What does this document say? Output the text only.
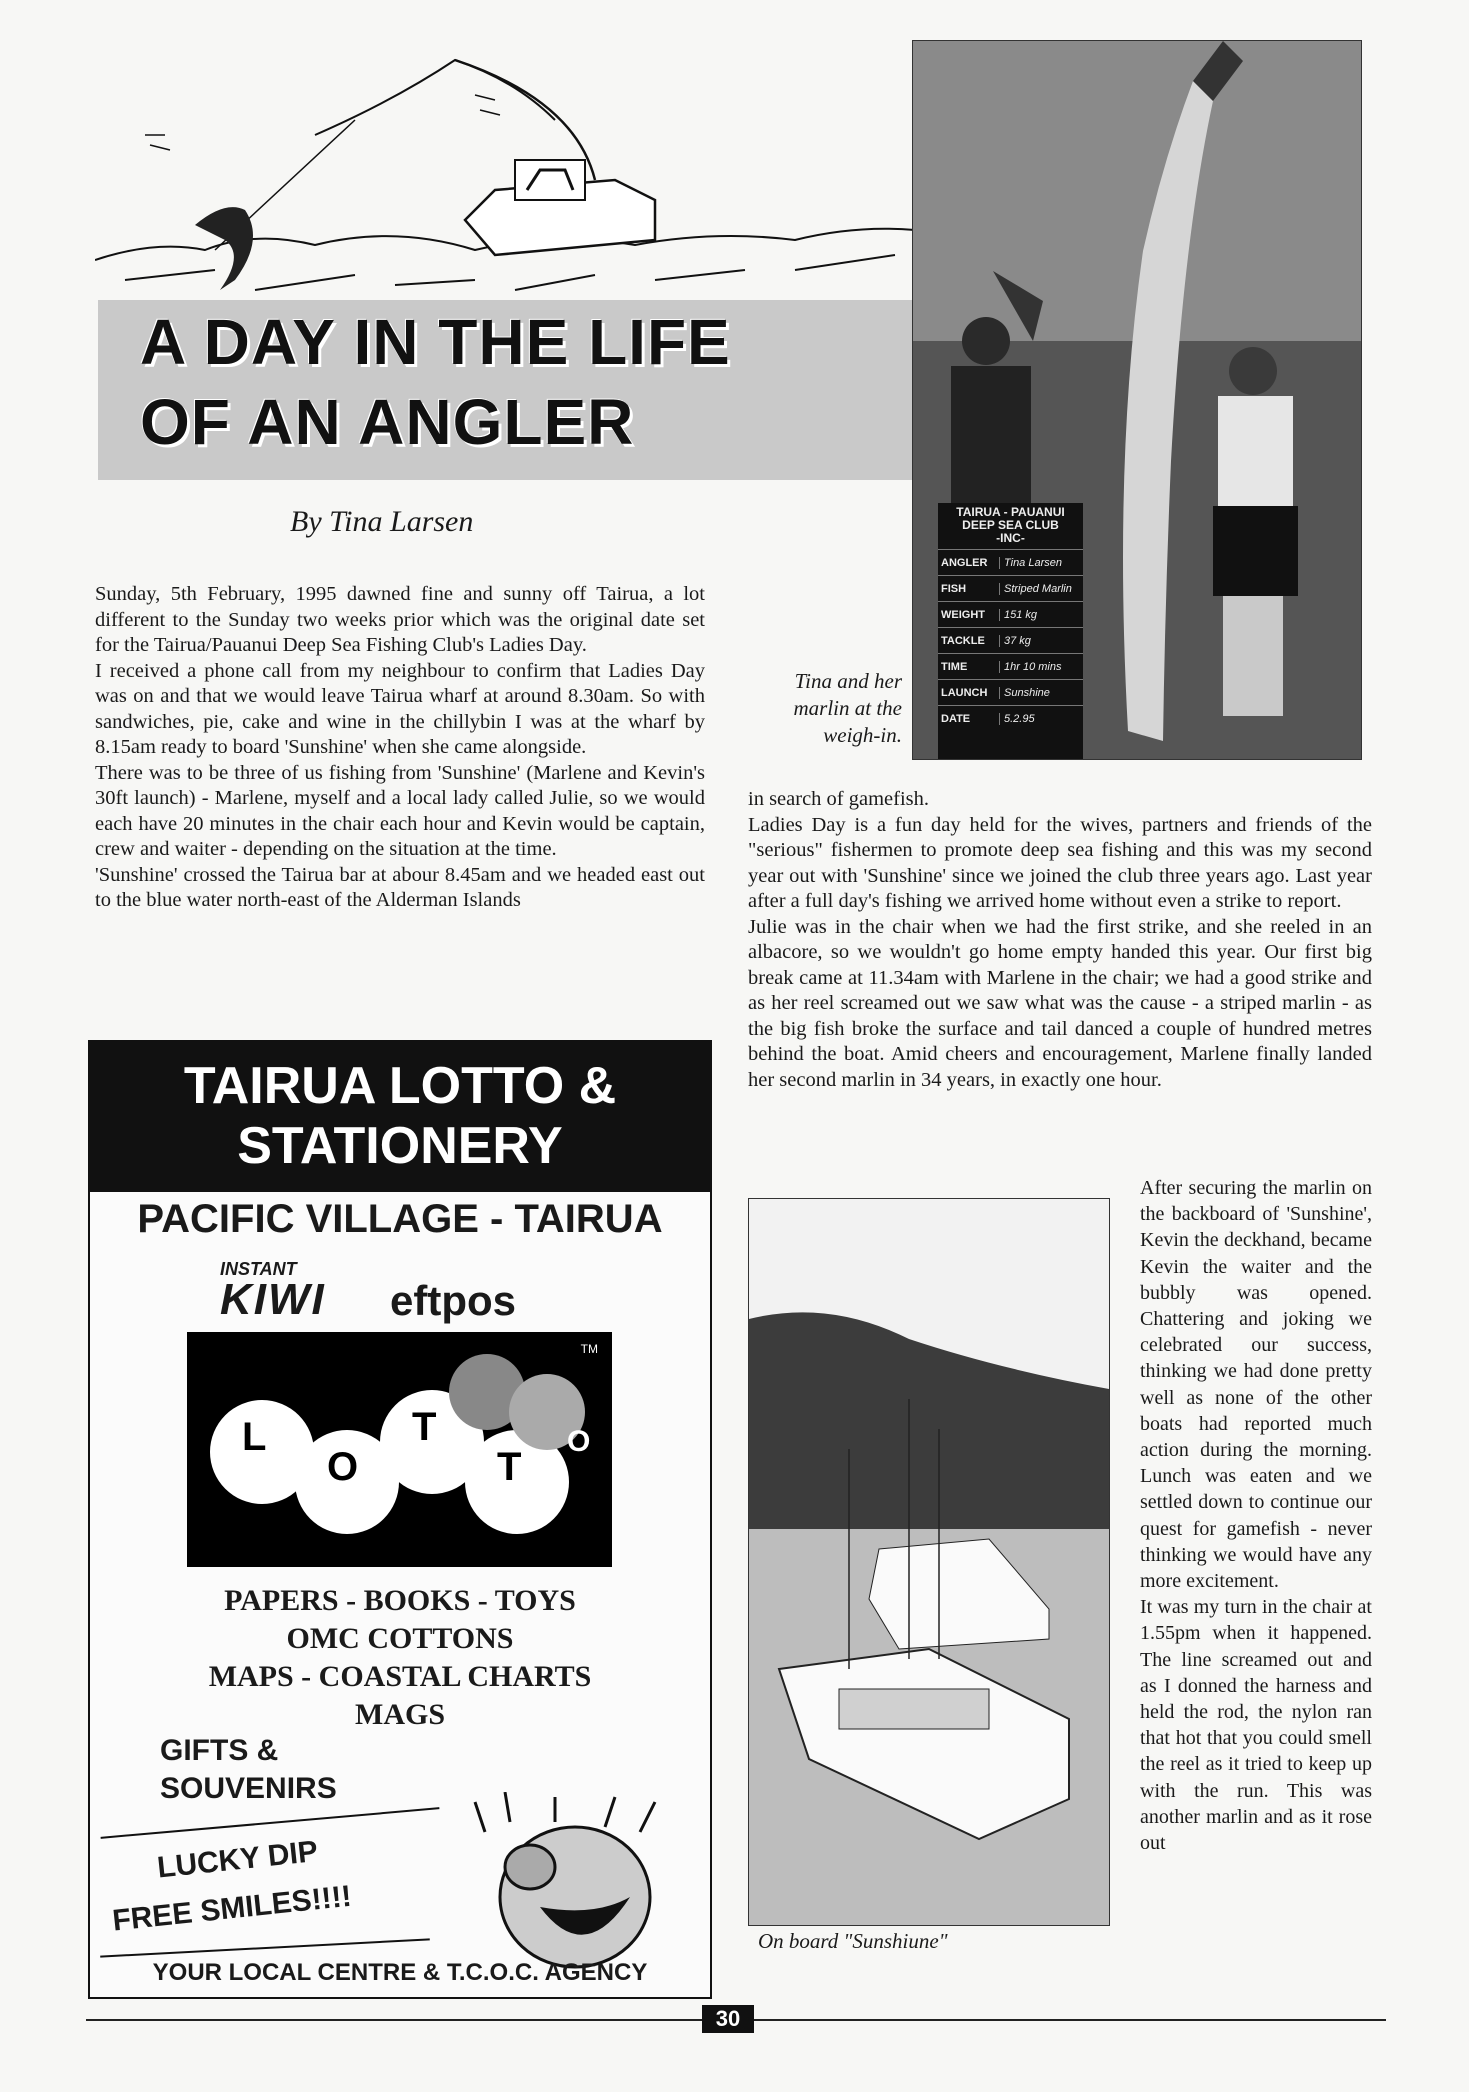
A DAY IN THE LIFE
OF AN ANGLER
By Tina Larsen

Sunday, 5th February, 1995 dawned fine and sunny off Tairua, a lot different to the Sunday two weeks prior which was the original date set for the Tairua/Pauanui Deep Sea Fishing Club's Ladies Day.

I received a phone call from my neighbour to confirm that Ladies Day was on and that we would leave Tairua wharf at around 8.30am. So with sandwiches, pie, cake and wine in the chillybin I was at the wharf by 8.15am ready to board 'Sunshine' when she came alongside.

There was to be three of us fishing from 'Sunshine' (Marlene and Kevin's 30ft launch) - Marlene, myself and a local lady called Julie, so we would each have 20 minutes in the chair each hour and Kevin would be captain, crew and waiter - depending on the situation at the time.

'Sunshine' crossed the Tairua bar at abour 8.45am and we headed east out to the blue water north-east of the Alderman Islands

TAIRUA - PAUANUI
DEEP SEA CLUB
-INC-
ANGLER	Tina Larsen
FISH	Striped Marlin
WEIGHT	151 kg
TACKLE	37 kg
TIME	1hr 10 mins
LAUNCH	Sunshine
DATE	5.2.95
Tina and her marlin at the weigh-in.

in search of gamefish.

Ladies Day is a fun day held for the wives, partners and friends of the "serious" fishermen to promote deep sea fishing and this was my second year out with 'Sunshine' since we joined the club three years ago. Last year after a full day's fishing we arrived home without even a strike to report.

Julie was in the chair when we had the first strike, and she reeled in an albacore, so we wouldn't go home empty handed this year. Our first big break came at 11.34am with Marlene in the chair; we had a good strike and as her reel screamed out we saw what was the cause - a striped marlin - as the big fish broke the surface and tail danced a couple of hundred metres behind the boat. Amid cheers and encouragement, Marlene finally landed her second marlin in 34 years, in exactly one hour.

On board "Sunshiune"

After securing the marlin on the backboard of 'Sunshine', Kevin the deckhand, became Kevin the waiter and the bubbly was opened. Chattering and joking we celebrated our success, thinking we had done pretty well as none of the other boats had reported much action during the morning. Lunch was eaten and we settled down to continue our quest for gamefish - never thinking we would have any more excitement.

It was my turn in the chair at 1.55pm when it happened. The line screamed out and as I donned the harness and held the rod, the nylon ran that hot that you could smell the reel as it tried to keep up with the run. This was another marlin and as it rose out

TAIRUA LOTTO &
STATIONERY
PACIFIC VILLAGE - TAIRUA
INSTANT
KIWI eftpos
L
O
T
T
O
TM
PAPERS - BOOKS - TOYS
OMC COTTONS
MAPS - COASTAL CHARTS
MAGS
GIFTS &
SOUVENIRS
LUCKY DIP
FREE SMILES!!!!
YOUR LOCAL CENTRE & T.C.O.C. AGENCY
30
